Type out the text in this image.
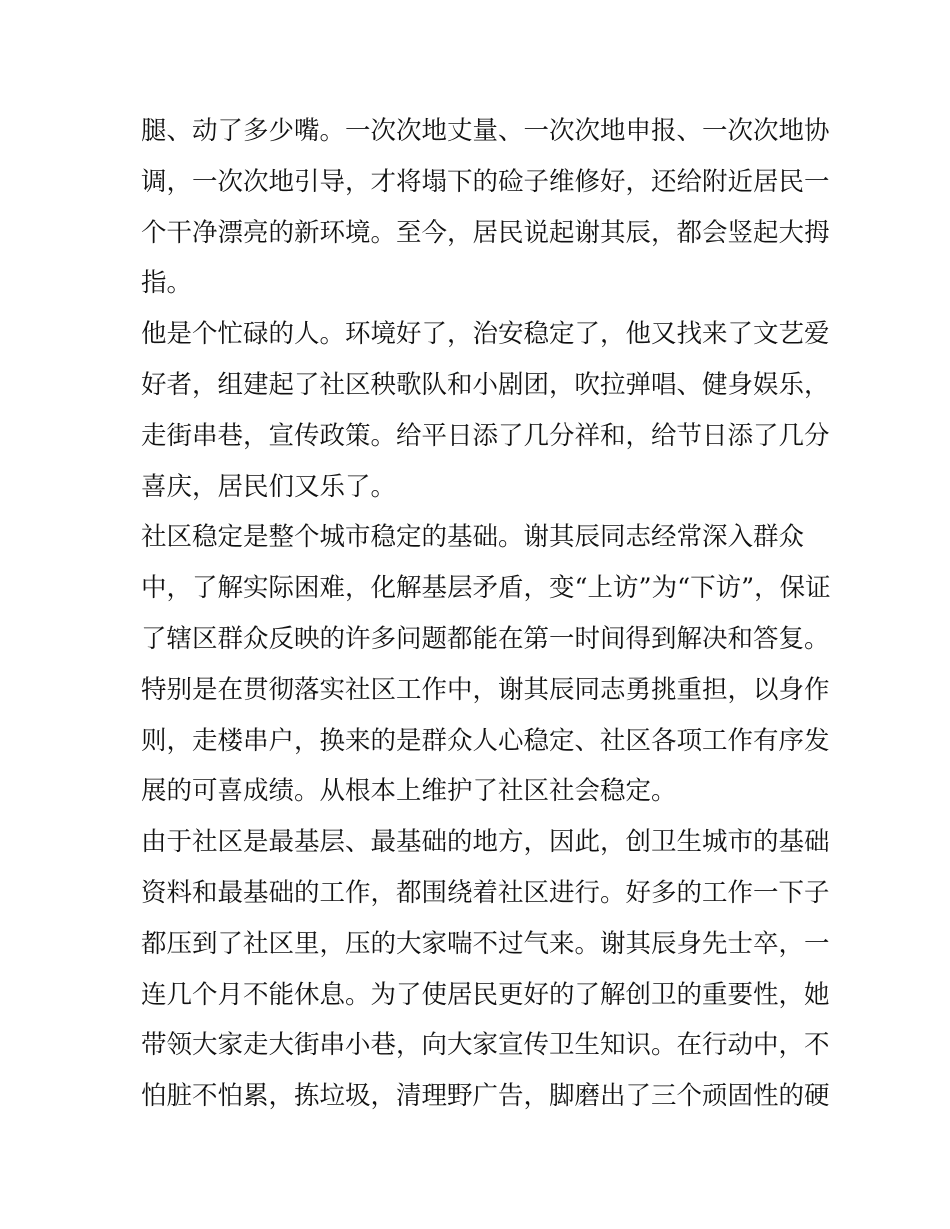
腿、动了多少嘴。一次次地丈量、一次次地申报、一次次地协
调，一次次地引导，才将塌下的硷子维修好，还给附近居民一
个干净漂亮的新环境。至今，居民说起谢其辰，都会竖起大拇
指。
他是个忙碌的人。环境好了，治安稳定了，他又找来了文艺爱
好者，组建起了社区秧歌队和小剧团，吹拉弹唱、健身娱乐，
走街串巷，宣传政策。给平日添了几分祥和，给节日添了几分
喜庆，居民们又乐了。
社区稳定是整个城市稳定的基础。谢其辰同志经常深入群众
中，了解实际困难，化解基层矛盾，变“上访”为“下访”，保证
了辖区群众反映的许多问题都能在第一时间得到解决和答复。
特别是在贯彻落实社区工作中，谢其辰同志勇挑重担，以身作
则，走楼串户，换来的是群众人心稳定、社区各项工作有序发
展的可喜成绩。从根本上维护了社区社会稳定。
由于社区是最基层、最基础的地方，因此，创卫生城市的基础
资料和最基础的工作，都围绕着社区进行。好多的工作一下子
都压到了社区里，压的大家喘不过气来。谢其辰身先士卒，一
连几个月不能休息。为了使居民更好的了解创卫的重要性，她
带领大家走大街串小巷，向大家宣传卫生知识。在行动中，不
怕脏不怕累，拣垃圾，清理野广告，脚磨出了三个顽固性的硬
